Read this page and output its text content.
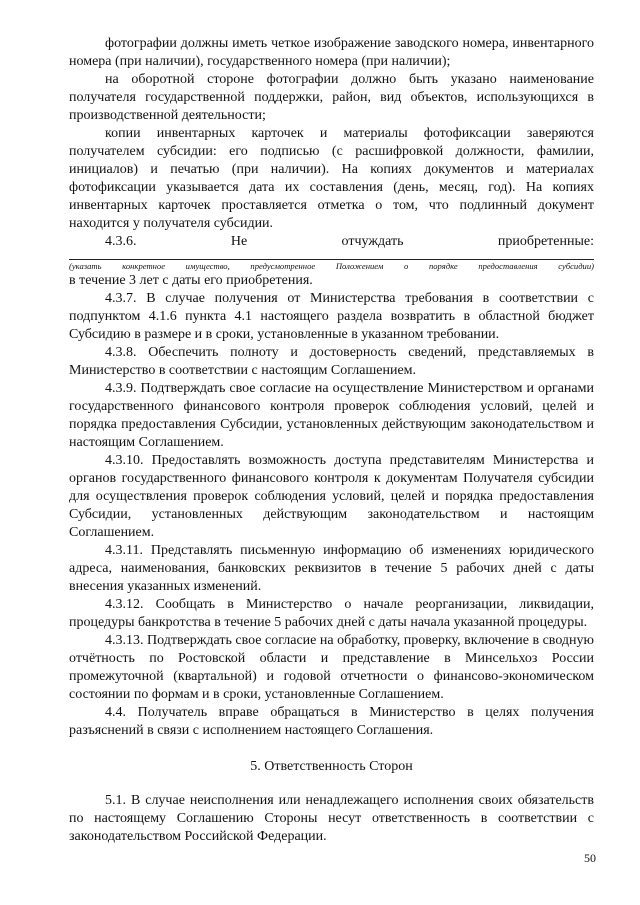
фотографии должны иметь четкое изображение заводского номера, инвентарного номера (при наличии), государственного номера (при наличии);

на оборотной стороне фотографии должно быть указано наименование получателя государственной поддержки, район, вид объектов, использующихся в производственной деятельности;

копии инвентарных карточек и материалы фотофиксации заверяются получателем субсидии: его подписью (с расшифровкой должности, фамилии, инициалов) и печатью (при наличии). На копиях документов и материалах фотофиксации указывается дата их составления (день, месяц, год). На копиях инвентарных карточек проставляется отметка о том, что подлинный документ находится у получателя субсидии.

4.3.6. Не отчуждать приобретенные:

(указать конкретное имущество, предусмотренное Положением о порядке предоставления субсидии)

в течение 3 лет с даты его приобретения.

4.3.7. В случае получения от Министерства требования в соответствии с подпунктом 4.1.6 пункта 4.1 настоящего раздела возвратить в областной бюджет Субсидию в размере и в сроки, установленные в указанном требовании.

4.3.8. Обеспечить полноту и достоверность сведений, представляемых в Министерство в соответствии с настоящим Соглашением.

4.3.9. Подтверждать свое согласие на осуществление Министерством и органами государственного финансового контроля проверок соблюдения условий, целей и порядка предоставления Субсидии, установленных действующим законодательством и настоящим Соглашением.

4.3.10. Предоставлять возможность доступа представителям Министерства и органов государственного финансового контроля к документам Получателя субсидии для осуществления проверок соблюдения условий, целей и порядка предоставления Субсидии, установленных действующим законодательством и настоящим Соглашением.

4.3.11. Представлять письменную информацию об изменениях юридического адреса, наименования, банковских реквизитов в течение 5 рабочих дней с даты внесения указанных изменений.

4.3.12. Сообщать в Министерство о начале реорганизации, ликвидации, процедуры банкротства в течение 5 рабочих дней с даты начала указанной процедуры.

4.3.13. Подтверждать свое согласие на обработку, проверку, включение в сводную отчётность по Ростовской области и представление в Минсельхоз России промежуточной (квартальной) и годовой отчетности о финансово-экономическом состоянии по формам и в сроки, установленные Соглашением.

4.4. Получатель вправе обращаться в Министерство в целях получения разъяснений в связи с исполнением настоящего Соглашения.

5. Ответственность Сторон

5.1. В случае неисполнения или ненадлежащего исполнения своих обязательств по настоящему Соглашению Стороны несут ответственность в соответствии с законодательством Российской Федерации.

50
